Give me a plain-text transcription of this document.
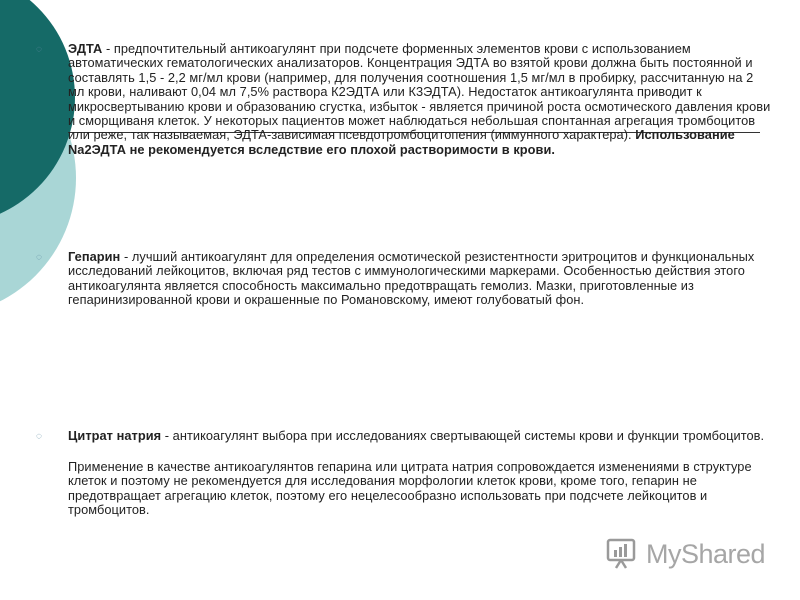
◌	ЭДТА - предпочтительный антикоагулянт при подсчете форменных элементов крови с использованием автоматических гематологических анализаторов. Концентрация ЭДТА во взятой крови должна быть постоянной и составлять 1,5 - 2,2 мг/мл крови (например, для получения соотношения 1,5 мг/мл в пробирку, рассчитанную на 2 мл крови, наливают 0,04 мл 7,5% раствора К2ЭДТА или К3ЭДТА). Недостаток антикоагулянта приводит к микросвертыванию крови и образованию сгустка, избыток - является причиной роста осмотического давления крови и сморщиваня клеток. У некоторых пациентов может наблюдаться небольшая спонтанная агрегация тромбоцитов или реже, так называемая, ЭДТА-зависимая псевдотромбоцитопения (иммунного характера). Использование Na2ЭДТА не рекомендуется вследствие его плохой растворимости в крови.
◌	Гепарин - лучший антикоагулянт для определения осмотической резистентности эритроцитов и функциональных исследований лейкоцитов, включая ряд тестов с иммунологическими маркерами. Особенностью действия этого антикоагулянта является способность максимально предотвращать гемолиз. Мазки, приготовленные из гепаринизированной крови и окрашенные по Романовскому, имеют голубоватый фон.
◌	Цитрат натрия - антикоагулянт выбора при исследованиях свертывающей системы крови и функции тромбоцитов.
Применение в качестве антикоагулянтов гепарина или цитрата натрия сопровождается изменениями в структуре клеток и поэтому не рекомендуется для исследования морфологии клеток крови, кроме того, гепарин не предотвращает агрегацию клеток, поэтому его нецелесообразно использовать при подсчете лейкоцитов и тромбоцитов.
MyShared
